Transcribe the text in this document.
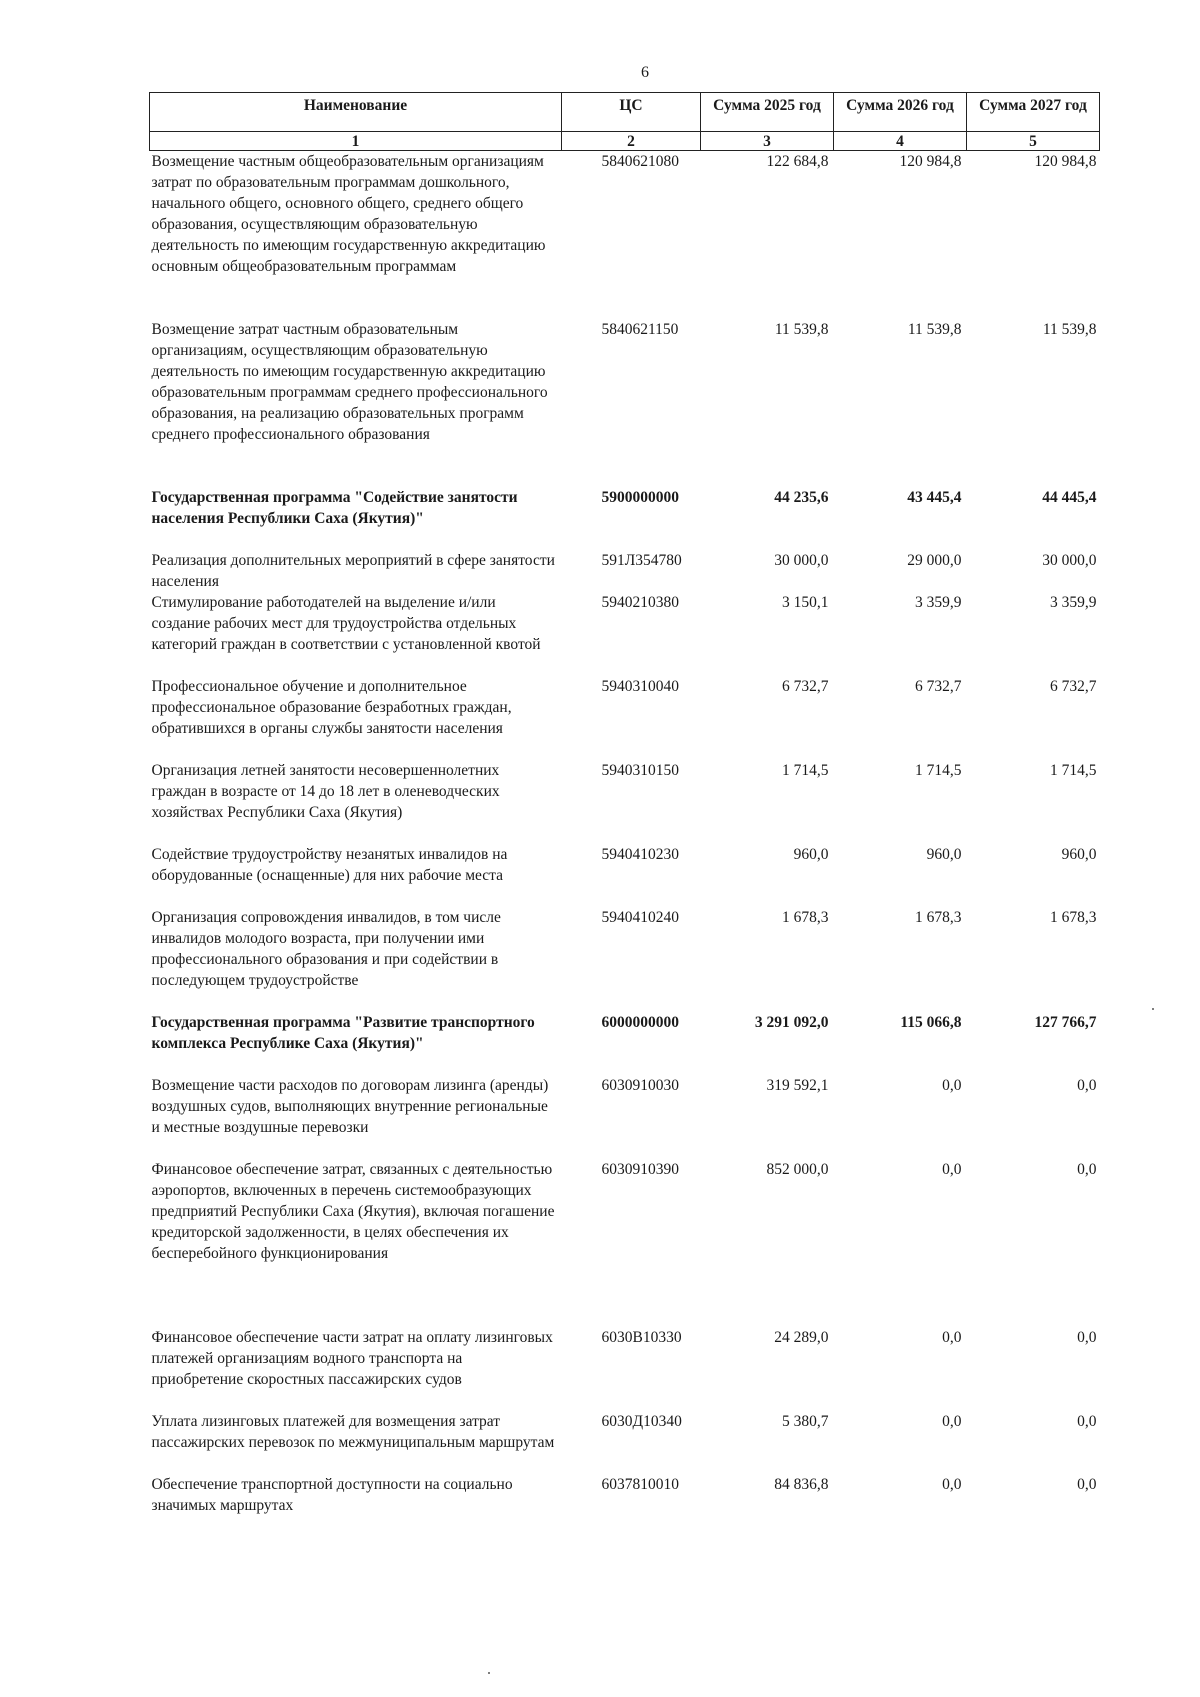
6
Наименование	ЦС	Сумма 2025 год	Сумма 2026 год	Сумма 2027 год
1	2	3	4	5
Возмещение частным общеобразовательным организациям затрат по образовательным программам дошкольного, начального общего, основного общего, среднего общего образования, осуществляющим образовательную деятельность по имеющим государственную аккредитацию основным общеобразовательным программам	5840621080	122 684,8	120 984,8	120 984,8
Возмещение затрат частным образовательным организациям, осуществляющим образовательную деятельность по имеющим государственную аккредитацию образовательным программам среднего профессионального образования, на реализацию образовательных программ среднего профессионального образования	5840621150	11 539,8	11 539,8	11 539,8
Государственная программа "Содействие занятости населения Республики Саха (Якутия)"	5900000000	44 235,6	43 445,4	44 445,4
Реализация дополнительных мероприятий в сфере занятости населения	591Л354780	30 000,0	29 000,0	30 000,0
Стимулирование работодателей на выделение и/или создание рабочих мест для трудоустройства отдельных категорий граждан в соответствии с установленной квотой	5940210380	3 150,1	3 359,9	3 359,9
Профессиональное обучение и дополнительное профессиональное образование безработных граждан, обратившихся в органы службы занятости населения	5940310040	6 732,7	6 732,7	6 732,7
Организация летней занятости несовершеннолетних граждан в возрасте от 14 до 18 лет в оленеводческих хозяйствах Республики Саха (Якутия)	5940310150	1 714,5	1 714,5	1 714,5
Содействие трудоустройству незанятых инвалидов на оборудованные (оснащенные) для них рабочие места	5940410230	960,0	960,0	960,0
Организация сопровождения инвалидов, в том числе инвалидов молодого возраста, при получении ими профессионального образования и при содействии в последующем трудоустройстве	5940410240	1 678,3	1 678,3	1 678,3
Государственная программа "Развитие транспортного комплекса Республике Саха (Якутия)"	6000000000	3 291 092,0	115 066,8	127 766,7
Возмещение части расходов по договорам лизинга (аренды) воздушных судов, выполняющих внутренние региональные и местные воздушные перевозки	6030910030	319 592,1	0,0	0,0
Финансовое обеспечение затрат, связанных с деятельностью аэропортов, включенных в перечень системообразующих предприятий Республики Саха (Якутия), включая погашение кредиторской задолженности, в целях обеспечения их бесперебойного функционирования	6030910390	852 000,0	0,0	0,0
Финансовое обеспечение части затрат на оплату лизинговых платежей организациям водного транспорта на приобретение скоростных пассажирских судов	6030В10330	24 289,0	0,0	0,0
Уплата лизинговых платежей для возмещения затрат пассажирских перевозок по межмуниципальным маршрутам	6030Д10340	5 380,7	0,0	0,0
Обеспечение транспортной доступности на социально значимых маршрутах	6037810010	84 836,8	0,0	0,0
